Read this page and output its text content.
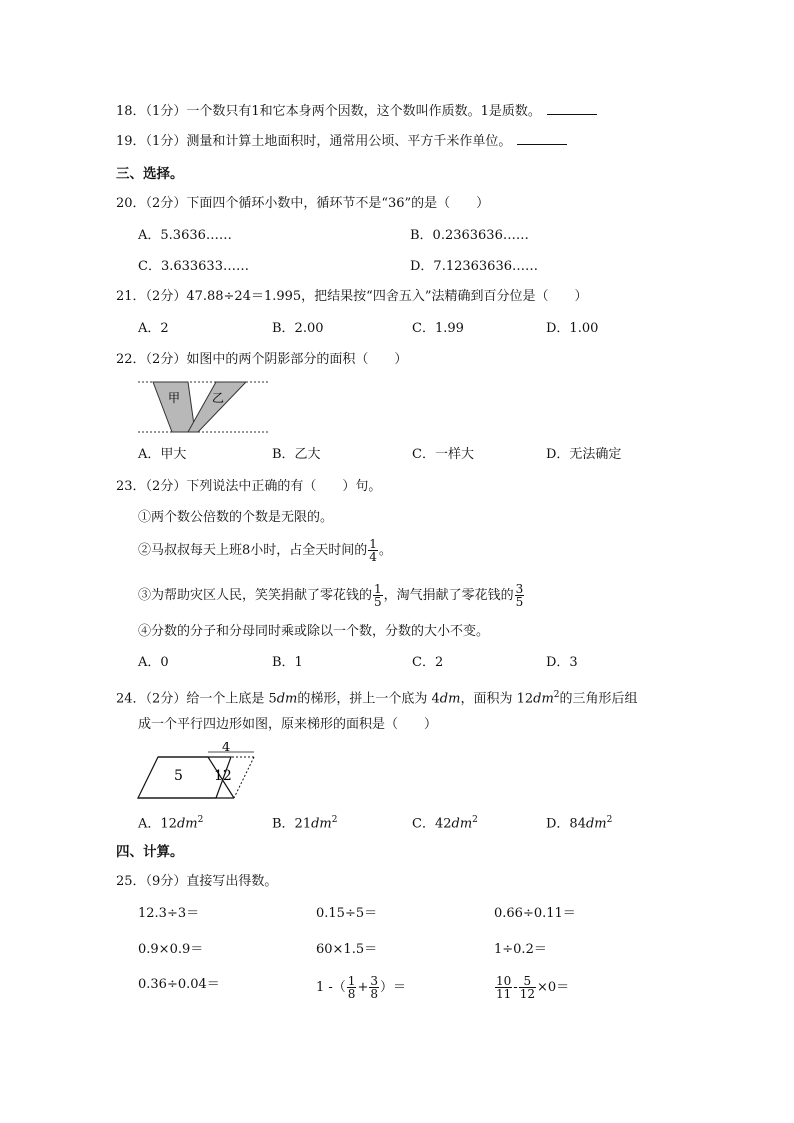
18．（1分）一个数只有1和它本身两个因数，这个数叫作质数。1是质数。
19．（1分）测量和计算土地面积时，通常用公顷、平方千米作单位。
三、选择。
20．（2分）下面四个循环小数中，循环节不是“36”的是（　　）
A．5.3636……	B．0.2363636……
C．3.633633……	D．7.12363636……
21．（2分）47.88÷24＝1.995，把结果按“四舍五入”法精确到百分位是（　　）
A．2	B．2.00	C．1.99	D．1.00
22．（2分）如图中的两个阴影部分的面积（　　）
甲	乙
A．甲大	B．乙大	C．一样大	D．无法确定
23．（2分）下列说法中正确的有（　　）句。
①两个数公倍数的个数是无限的。
②马叔叔每天上班8小时，占全天时间的 $\frac{1}{4}$ 。
③为帮助灾区人民，笑笑捐献了零花钱的 $\frac{1}{5}$ ，淘气捐献了零花钱的 $\frac{3}{5}$
④分数的分子和分母同时乘或除以一个数，分数的大小不变。
A．0	B．1	C．2	D．3
24．（2分）给一个上底是 5dm的梯形，拼上一个底为 4dm，面积为 $12dm^2$的三角形后组
成一个平行四边形如图，原来梯形的面积是（　　）
4
5 12
A．$12dm^2$	B．$21dm^2$	C．$42dm^2$	D．$84dm^2$
四、计算。
25．（9分）直接写出得数。
12.3÷3＝	0.15÷5＝	0.66÷0.11＝
0.9×0.9＝	60×1.5＝	1÷0.2＝
0.36÷0.04＝	1 -（ $\frac{1}{8} + \frac{3}{8}$ ）＝	$\frac{10}{11} - \frac{5}{12} \times 0=$
